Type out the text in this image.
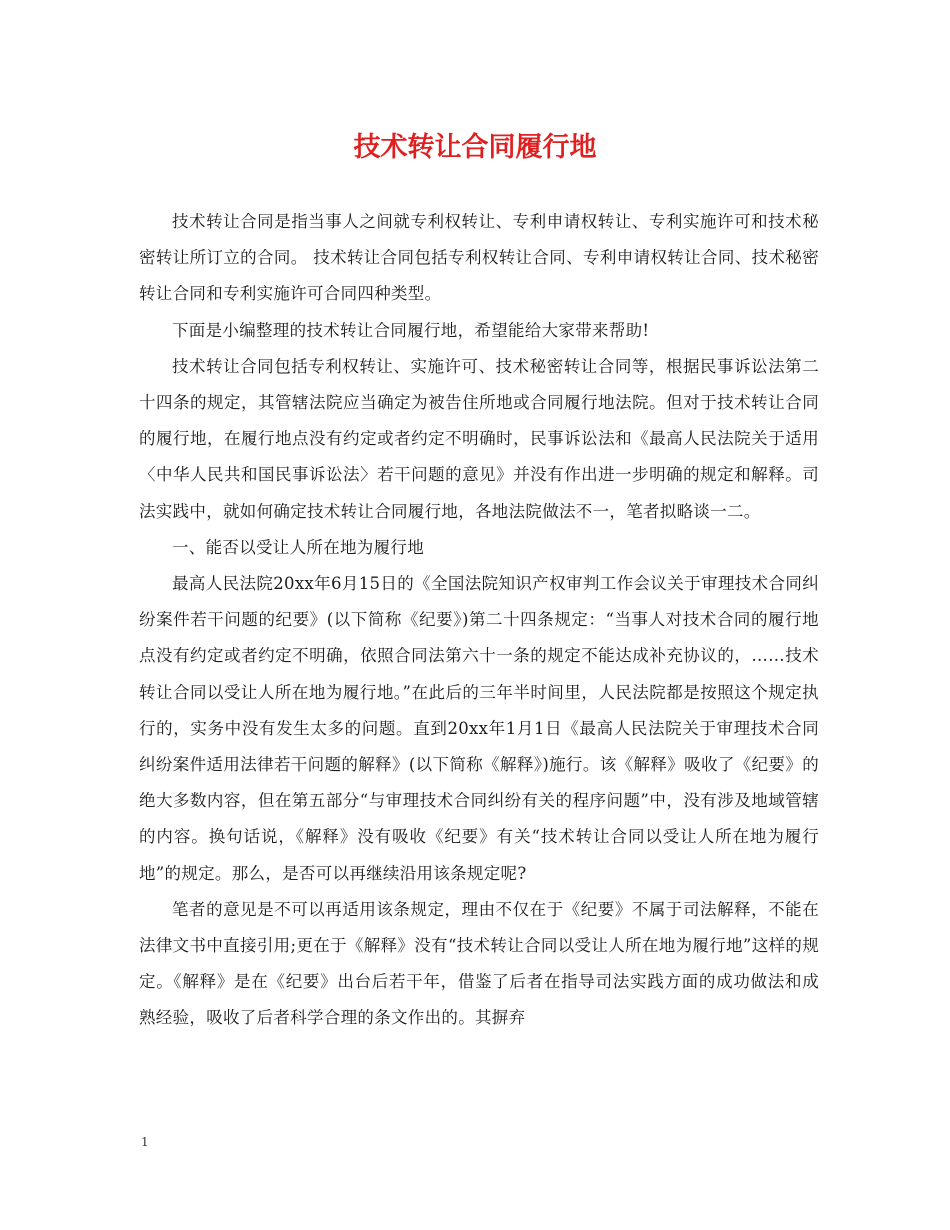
技术转让合同履行地

技术转让合同是指当事人之间就专利权转让、专利申请权转让、专利实施许可和技术秘密转让所订立的合同。 技术转让合同包括专利权转让合同、专利申请权转让合同、技术秘密转让合同和专利实施许可合同四种类型。

下面是小编整理的技术转让合同履行地，希望能给大家带来帮助!

技术转让合同包括专利权转让、实施许可、技术秘密转让合同等，根据民事诉讼法第二十四条的规定，其管辖法院应当确定为被告住所地或合同履行地法院。但对于技术转让合同的履行地，在履行地点没有约定或者约定不明确时，民事诉讼法和《最高人民法院关于适用〈中华人民共和国民事诉讼法〉若干问题的意见》并没有作出进一步明确的规定和解释。司法实践中，就如何确定技术转让合同履行地，各地法院做法不一，笔者拟略谈一二。

一、能否以受让人所在地为履行地

最高人民法院20xx年6月15日的《全国法院知识产权审判工作会议关于审理技术合同纠纷案件若干问题的纪要》(以下简称《纪要》)第二十四条规定：“当事人对技术合同的履行地点没有约定或者约定不明确，依照合同法第六十一条的规定不能达成补充协议的，……技术转让合同以受让人所在地为履行地。”在此后的三年半时间里，人民法院都是按照这个规定执行的，实务中没有发生太多的问题。直到20xx年1月1日《最高人民法院关于审理技术合同纠纷案件适用法律若干问题的解释》(以下简称《解释》)施行。该《解释》吸收了《纪要》的绝大多数内容，但在第五部分“与审理技术合同纠纷有关的程序问题”中，没有涉及地域管辖的内容。换句话说，《解释》没有吸收《纪要》有关“技术转让合同以受让人所在地为履行地”的规定。那么，是否可以再继续沿用该条规定呢?

笔者的意见是不可以再适用该条规定，理由不仅在于《纪要》不属于司法解释，不能在法律文书中直接引用;更在于《解释》没有“技术转让合同以受让人所在地为履行地”这样的规定。《解释》是在《纪要》出台后若干年，借鉴了后者在指导司法实践方面的成功做法和成熟经验，吸收了后者科学合理的条文作出的。其摒弃

1
